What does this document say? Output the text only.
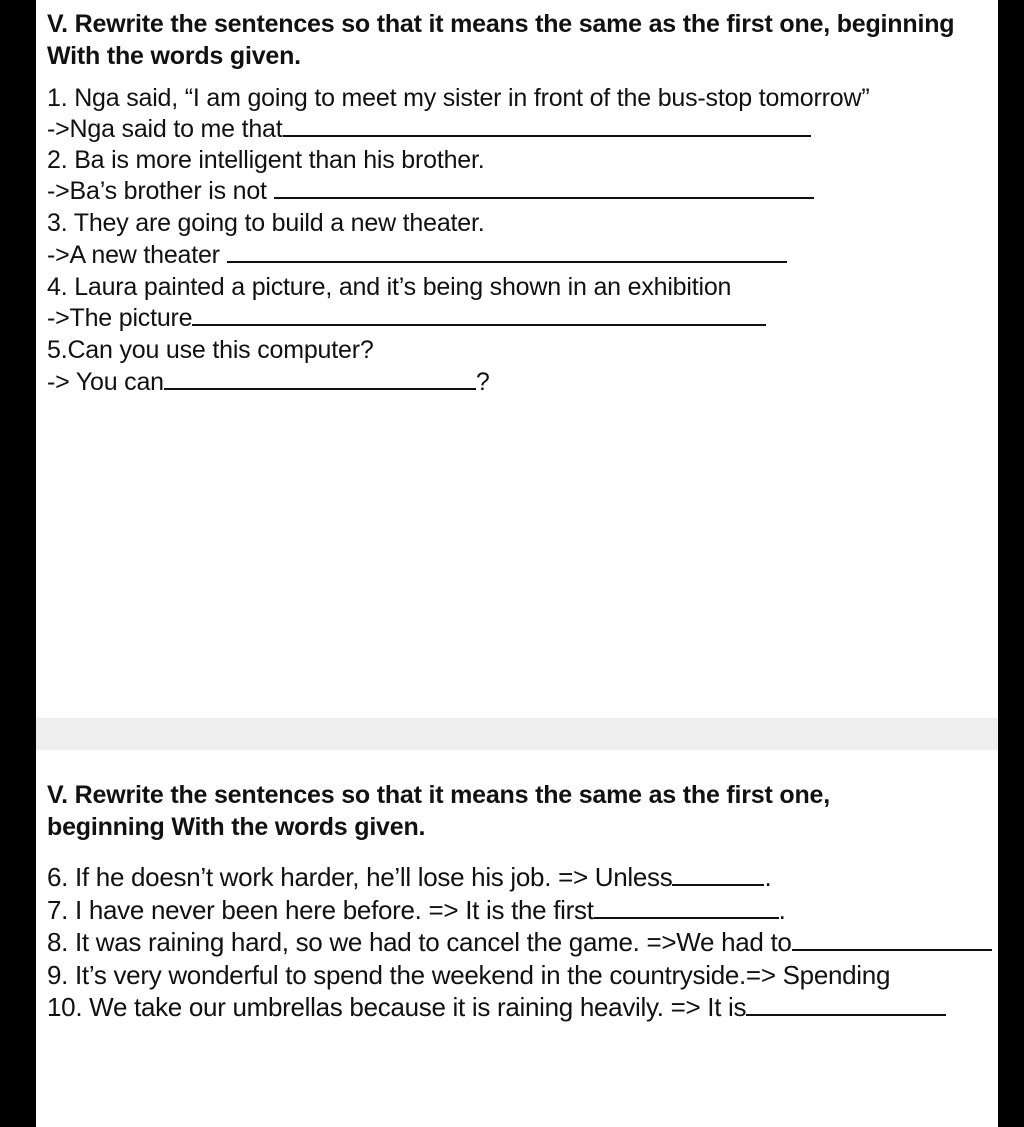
V. Rewrite the sentences so that it means the same as the first one, beginning
With the words given.
1. Nga said, “I am going to meet my sister in front of the bus-stop tomorrow”
->Nga said to me that
2. Ba is more intelligent than his brother.
->Ba’s brother is not
3. They are going to build a new theater.
->A new theater
4. Laura painted a picture, and it’s being shown in an exhibition
->The picture
5.Can you use this computer?
-> You can	?
V. Rewrite the sentences so that it means the same as the first one,
beginning With the words given.
6. If he doesn’t work harder, he’ll lose his job. => Unless	.
7. I have never been here before. => It is the first	.
8. It was raining hard, so we had to cancel the game. =>We had to
9. It’s very wonderful to spend the weekend in the countryside.=> Spending
10. We take our umbrellas because it is raining heavily. => It is
